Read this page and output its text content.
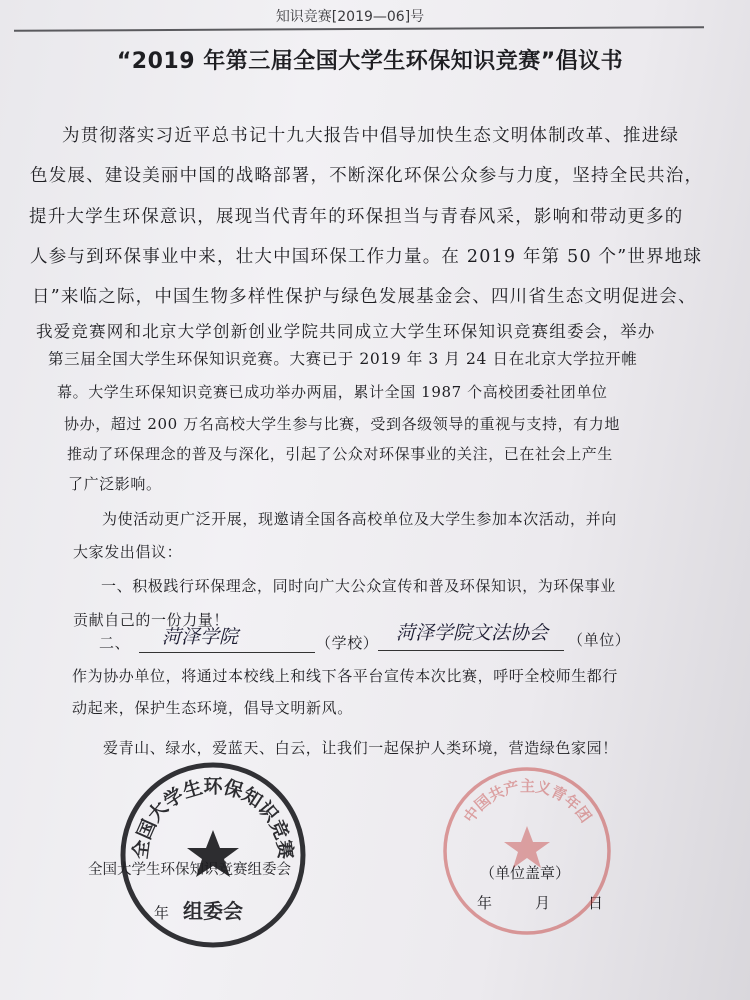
知识竞赛[2019—06]号
“2019 年第三届全国大学生环保知识竞赛”倡议书
为贯彻落实习近平总书记十九大报告中倡导加快生态文明体制改革、推进绿
色发展、建设美丽中国的战略部署，不断深化环保公众参与力度，坚持全民共治，
提升大学生环保意识，展现当代青年的环保担当与青春风采，影响和带动更多的
人参与到环保事业中来，壮大中国环保工作力量。在 2019 年第 50 个”世界地球
日”来临之际，中国生物多样性保护与绿色发展基金会、四川省生态文明促进会、
我爱竞赛网和北京大学创新创业学院共同成立大学生环保知识竞赛组委会，举办
第三届全国大学生环保知识竞赛。大赛已于 2019 年 3 月 24 日在北京大学拉开帷
幕。大学生环保知识竞赛已成功举办两届，累计全国 1987 个高校团委社团单位
协办，超过 200 万名高校大学生参与比赛，受到各级领导的重视与支持，有力地
推动了环保理念的普及与深化，引起了公众对环保事业的关注，已在社会上产生
了广泛影响。
为使活动更广泛开展，现邀请全国各高校单位及大学生参加本次活动，并向
大家发出倡议：
一、积极践行环保理念，同时向广大公众宣传和普及环保知识，为环保事业
贡献自己的一份力量！
二、 菏泽学院	（学校） 菏泽学院文法协会 （单位）
作为协办单位，将通过本校线上和线下各平台宣传本次比赛，呼吁全校师生都行
动起来，保护生态环境，倡导文明新风。
爱青山、绿水，爱蓝天、白云，让我们一起保护人类环境，营造绿色家园！
全国大学生环保知识竞赛组委会
年
（单位盖章）
年	月	日
全国大学生环保知识竞赛
组委会
中国共产主义青年团
